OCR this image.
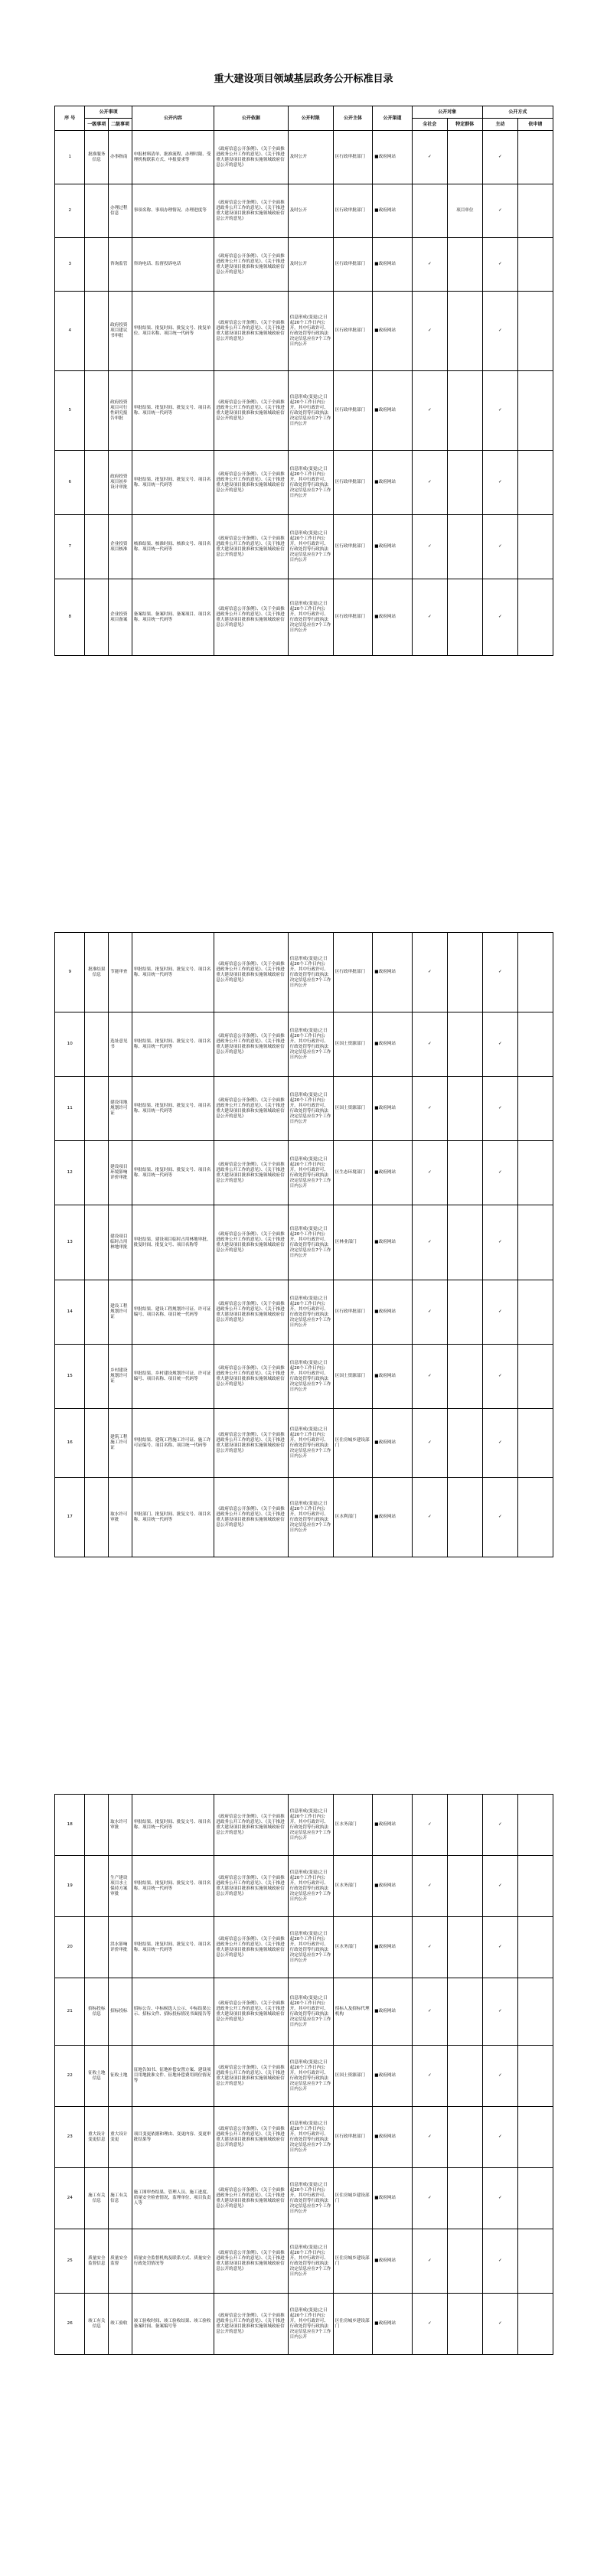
重大建设项目领域基层政务公开标准目录
序 号	公开事项		公开内容	公开依据	公开时限	公开主体	公开渠道	公开对象		公开方式	
	一级事项	二级事项						全社会	特定群体	主动	依申请
1	批准服务信息	办事指南	申报材料清单、批准流程、办理时限、受理机构联系方式、申报要求等	《政府信息公开条例》、《关于全面推进政务公开工作的意见》、《关于推进重大建设项目批准和实施领域政府信息公开的意见》	及时公开	区行政审批部门	■政府网站	✓		✓	
2		办理过程信息	事项名称、事项办理情况、办理进度等	《政府信息公开条例》、《关于全面推进政务公开工作的意见》、《关于推进重大建设项目批准和实施领域政府信息公开的意见》	及时公开	区行政审批部门	■政府网站		项目单位	✓	
3		咨询监管	咨询电话、监督投诉电话	《政府信息公开条例》、《关于全面推进政务公开工作的意见》、《关于推进重大建设项目批准和实施领域政府信息公开的意见》	及时公开	区行政审批部门	■政府网站	✓		✓	
4		政府投资项目建议书审批	审批结果、批复时间、批复文号、批复单位、项目名称、项目统一代码等	《政府信息公开条例》、《关于全面推进政务公开工作的意见》、《关于推进重大建设项目批准和实施领域政府信息公开的意见》	信息形成(变更)之日起20个工作日内公开。其中行政许可、行政处罚等行政执法决定信息应在7个工作日内公开	区行政审批部门	■政府网站	✓		✓	
5		政府投资项目可行性研究报告审批	审批结果、批复时间、批复文号、项目名称、项目统一代码等	《政府信息公开条例》、《关于全面推进政务公开工作的意见》、《关于推进重大建设项目批准和实施领域政府信息公开的意见》	信息形成(变更)之日起20个工作日内公开。其中行政许可、行政处罚等行政执法决定信息应在7个工作日内公开	区行政审批部门	■政府网站	✓		✓	
6		政府投资项目初步设计审批	审批结果、批复时间、批复文号、项目名称、项目统一代码等	《政府信息公开条例》、《关于全面推进政务公开工作的意见》、《关于推进重大建设项目批准和实施领域政府信息公开的意见》	信息形成(变更)之日起20个工作日内公开。其中行政许可、行政处罚等行政执法决定信息应在7个工作日内公开	区行政审批部门	■政府网站	✓		✓	
7		企业投资项目核准	核准结果、核准时间、核准文号、项目名称、项目统一代码等	《政府信息公开条例》、《关于全面推进政务公开工作的意见》、《关于推进重大建设项目批准和实施领域政府信息公开的意见》	信息形成(变更)之日起20个工作日内公开。其中行政许可、行政处罚等行政执法决定信息应在7个工作日内公开	区行政审批部门	■政府网站	✓		✓	
8		企业投资项目备案	备案结果、备案时间、备案项目、项目名称、项目统一代码等	《政府信息公开条例》、《关于全面推进政务公开工作的意见》、《关于推进重大建设项目批准和实施领域政府信息公开的意见》	信息形成(变更)之日起20个工作日内公开。其中行政许可、行政处罚等行政执法决定信息应在7个工作日内公开	区行政审批部门	■政府网站	✓		✓	
9	批准结果信息	节能审查	审批结果、批复时间、批复文号、项目名称、项目统一代码等	《政府信息公开条例》、《关于全面推进政务公开工作的意见》、《关于推进重大建设项目批准和实施领域政府信息公开的意见》	信息形成(变更)之日起20个工作日内公开。其中行政许可、行政处罚等行政执法决定信息应在7个工作日内公开	区行政审批部门	■政府网站	✓		✓	
10		选址意见书	审批结果、批复时间、批复文号、项目名称、项目统一代码等	《政府信息公开条例》、《关于全面推进政务公开工作的意见》、《关于推进重大建设项目批准和实施领域政府信息公开的意见》	信息形成(变更)之日起20个工作日内公开。其中行政许可、行政处罚等行政执法决定信息应在7个工作日内公开	区国土资源部门	■政府网站	✓		✓	
11		建设用地规划许可证	审批结果、批复时间、批复文号、项目名称、项目统一代码等	《政府信息公开条例》、《关于全面推进政务公开工作的意见》、《关于推进重大建设项目批准和实施领域政府信息公开的意见》	信息形成(变更)之日起20个工作日内公开。其中行政许可、行政处罚等行政执法决定信息应在7个工作日内公开	区国土资源部门	■政府网站	✓		✓	
12		建设项目环境影响评价审批	审批结果、批复时间、批复文号、项目名称、项目统一代码等	《政府信息公开条例》、《关于全面推进政务公开工作的意见》、《关于推进重大建设项目批准和实施领域政府信息公开的意见》	信息形成(变更)之日起20个工作日内公开。其中行政许可、行政处罚等行政执法决定信息应在7个工作日内公开	区生态环境部门	■政府网站	✓		✓	
13		建设项目临时占用林地审批	审批结果、建设项目临时占用林地审批、批复时间、批复文号、项目名称等	《政府信息公开条例》、《关于全面推进政务公开工作的意见》、《关于推进重大建设项目批准和实施领域政府信息公开的意见》	信息形成(变更)之日起20个工作日内公开。其中行政许可、行政处罚等行政执法决定信息应在7个工作日内公开	区林业部门	■政府网站	✓		✓	
14		建设工程规划许可证	审批结果、建设工程规划许可证、许可证编号、项目名称、项目统一代码等	《政府信息公开条例》、《关于全面推进政务公开工作的意见》、《关于推进重大建设项目批准和实施领域政府信息公开的意见》	信息形成(变更)之日起20个工作日内公开。其中行政许可、行政处罚等行政执法决定信息应在7个工作日内公开	区行政审批部门	■政府网站	✓		✓	
15		乡村建设规划许可证	审批结果、乡村建设规划许可证、许可证编号、项目名称、项目统一代码等	《政府信息公开条例》、《关于全面推进政务公开工作的意见》、《关于推进重大建设项目批准和实施领域政府信息公开的意见》	信息形成(变更)之日起20个工作日内公开。其中行政许可、行政处罚等行政执法决定信息应在7个工作日内公开	区国土资源部门	■政府网站	✓		✓	
16		建筑工程施工许可证	审批结果、建筑工程施工许可证、施工许可证编号、项目名称、项目统一代码等	《政府信息公开条例》、《关于全面推进政务公开工作的意见》、《关于推进重大建设项目批准和实施领域政府信息公开的意见》	信息形成(变更)之日起20个工作日内公开。其中行政许可、行政处罚等行政执法决定信息应在7个工作日内公开	区住房城乡建设部门	■政府网站	✓		✓	
17		取水许可审批	审批部门、批复时间、批复文号、项目名称、项目统一代码等	《政府信息公开条例》、《关于全面推进政务公开工作的意见》、《关于推进重大建设项目批准和实施领域政府信息公开的意见》	信息形成(变更)之日起20个工作日内公开。其中行政许可、行政处罚等行政执法决定信息应在7个工作日内公开	区水利部门	■政府网站	✓		✓	
18		取水许可审批	审批结果、批复时间、批复文号、项目名称、项目统一代码等	《政府信息公开条例》、《关于全面推进政务公开工作的意见》、《关于推进重大建设项目批准和实施领域政府信息公开的意见》	信息形成(变更)之日起20个工作日内公开。其中行政许可、行政处罚等行政执法决定信息应在7个工作日内公开	区水务部门	■政府网站	✓		✓	
19		生产建设项目水土保持方案审批	审批结果、批复时间、批复文号、项目名称、项目统一代码等	《政府信息公开条例》、《关于全面推进政务公开工作的意见》、《关于推进重大建设项目批准和实施领域政府信息公开的意见》	信息形成(变更)之日起20个工作日内公开。其中行政许可、行政处罚等行政执法决定信息应在7个工作日内公开	区水务部门	■政府网站	✓		✓	
20		洪水影响评价审批	审批结果、批复时间、批复文号、项目名称、项目统一代码等	《政府信息公开条例》、《关于全面推进政务公开工作的意见》、《关于推进重大建设项目批准和实施领域政府信息公开的意见》	信息形成(变更)之日起20个工作日内公开。其中行政许可、行政处罚等行政执法决定信息应在7个工作日内公开	区水务部门	■政府网站	✓		✓	
21	招标投标信息	招标投标	招标公告、中标候选人公示、中标结果公示、招标文件、招标投标情况书面报告等	《政府信息公开条例》、《关于全面推进政务公开工作的意见》、《关于推进重大建设项目批准和实施领域政府信息公开的意见》	信息形成(变更)之日起20个工作日内公开。其中行政许可、行政处罚等行政执法决定信息应在7个工作日内公开	招标人及招标代理机构	■政府网站	✓		✓	
22	征收土地信息	征收土地	征地告知书、征地补偿安置方案、建设项目用地批准文件、征地补偿费用到位情况等	《政府信息公开条例》、《关于全面推进政务公开工作的意见》、《关于推进重大建设项目批准和实施领域政府信息公开的意见》	信息形成(变更)之日起20个工作日内公开。其中行政许可、行政处罚等行政执法决定信息应在7个工作日内公开	区国土资源部门	■政府网站	✓		✓	
23	重大设计变更信息	重大设计变更	项目变更依据和理由、变更内容、变更审批结果等	《政府信息公开条例》、《关于全面推进政务公开工作的意见》、《关于推进重大建设项目批准和实施领域政府信息公开的意见》	信息形成(变更)之日起20个工作日内公开。其中行政许可、行政处罚等行政执法决定信息应在7个工作日内公开	区行政审批部门	■政府网站	✓		✓	
24	施工有关信息	施工有关信息	施工图审查结果、管理人员、施工进度、质量安全检查情况、监理单位、项目负责人等	《政府信息公开条例》、《关于全面推进政务公开工作的意见》、《关于推进重大建设项目批准和实施领域政府信息公开的意见》	信息形成(变更)之日起20个工作日内公开。其中行政许可、行政处罚等行政执法决定信息应在7个工作日内公开	区住房城乡建设部门	■政府网站	✓		✓	
25	质量安全监督信息	质量安全监督	质量安全监督机构及联系方式、质量安全行政处罚情况等	《政府信息公开条例》、《关于全面推进政务公开工作的意见》、《关于推进重大建设项目批准和实施领域政府信息公开的意见》	信息形成(变更)之日起20个工作日内公开。其中行政许可、行政处罚等行政执法决定信息应在7个工作日内公开	区住房城乡建设部门	■政府网站	✓		✓	
26	竣工有关信息	竣工验收	竣工验收时间、竣工验收结果、竣工验收备案时间、备案编号等	《政府信息公开条例》、《关于全面推进政务公开工作的意见》、《关于推进重大建设项目批准和实施领域政府信息公开的意见》	信息形成(变更)之日起20个工作日内公开。其中行政许可、行政处罚等行政执法决定信息应在7个工作日内公开	区住房城乡建设部门	■政府网站	✓		✓	
